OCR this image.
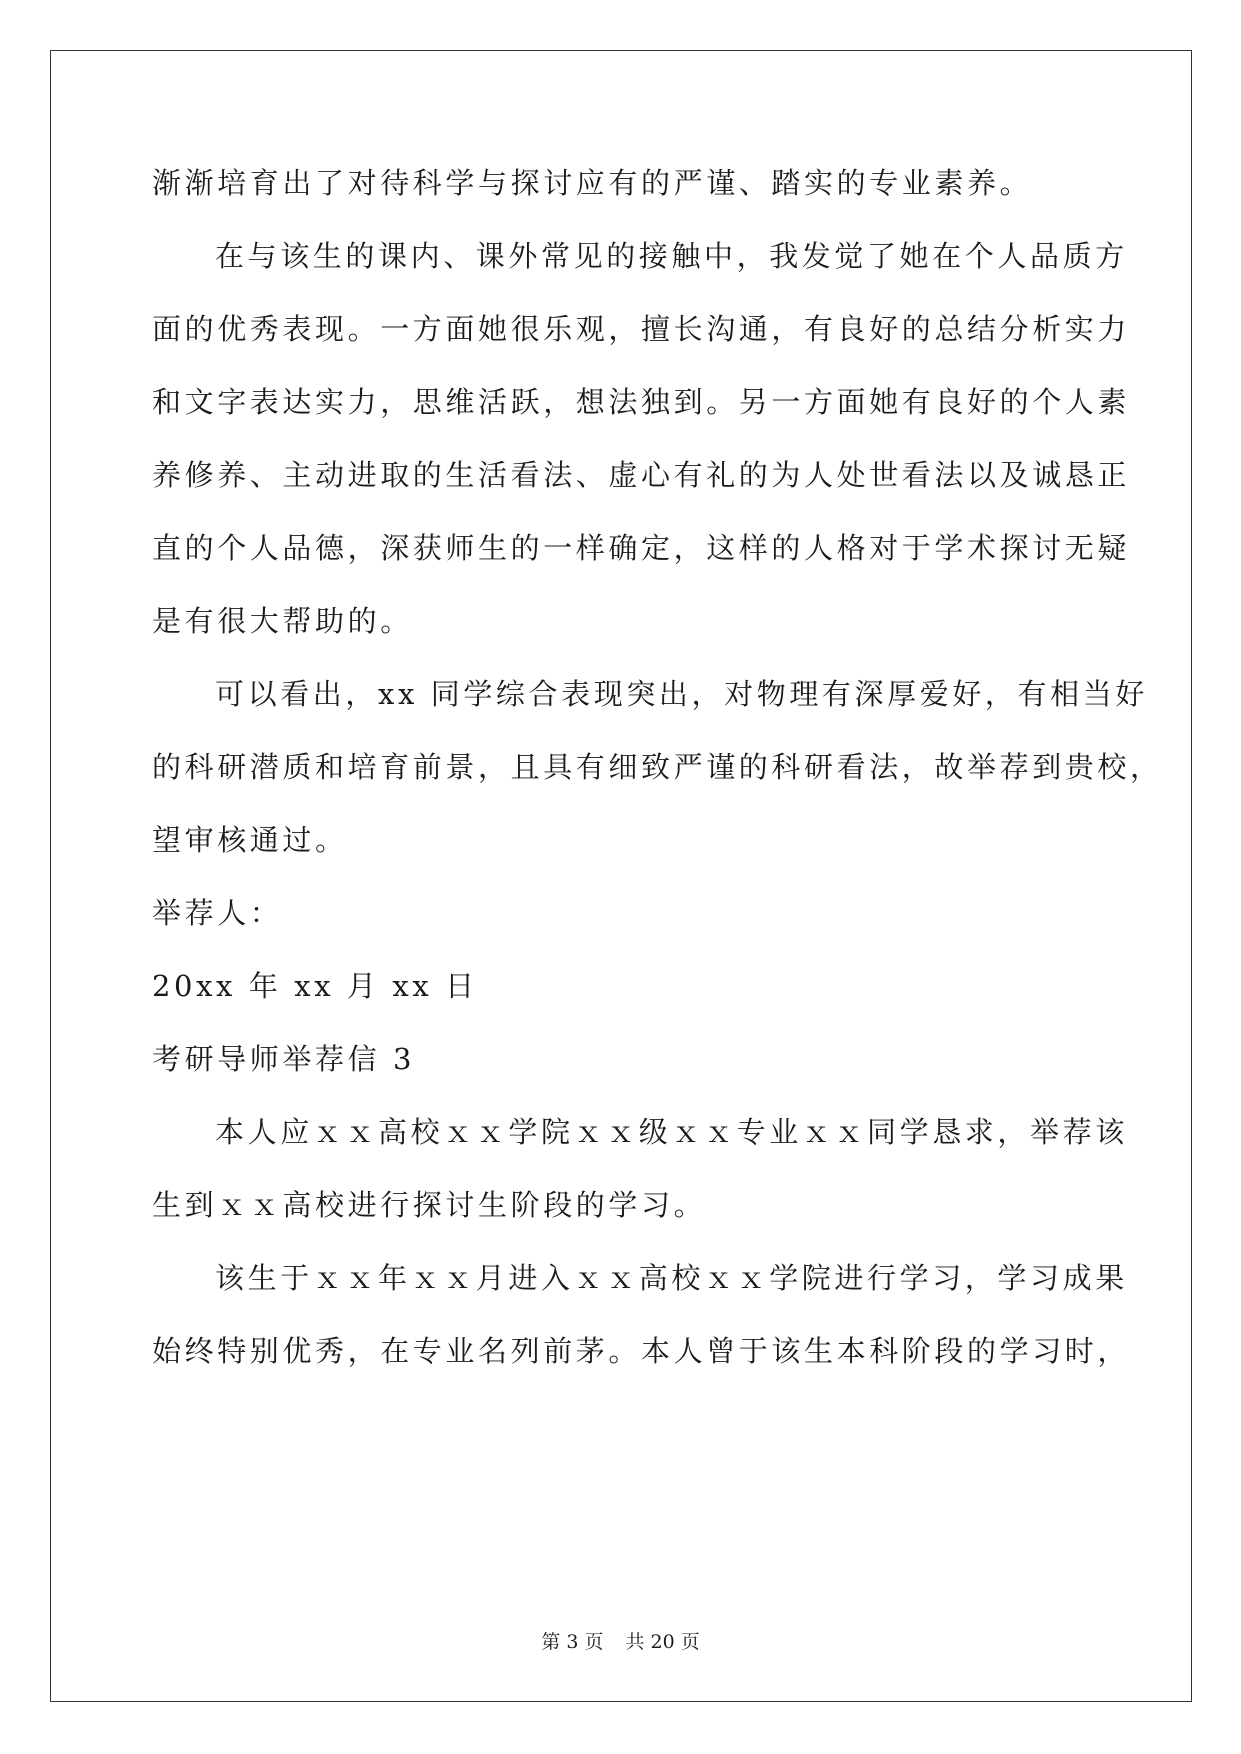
渐渐培育出了对待科学与探讨应有的严谨、踏实的专业素养。
在与该生的课内、课外常见的接触中，我发觉了她在个人品质方
面的优秀表现。一方面她很乐观，擅长沟通，有良好的总结分析实力
和文字表达实力，思维活跃，想法独到。另一方面她有良好的个人素
养修养、主动进取的生活看法、虚心有礼的为人处世看法以及诚恳正
直的个人品德，深获师生的一样确定，这样的人格对于学术探讨无疑
是有很大帮助的。
可以看出，xx 同学综合表现突出，对物理有深厚爱好，有相当好
的科研潜质和培育前景，且具有细致严谨的科研看法，故举荐到贵校，
望审核通过。
举荐人：
20xx 年 xx 月 xx 日
考研导师举荐信 3
本人应ｘｘ高校ｘｘ学院ｘｘ级ｘｘ专业ｘｘ同学恳求，举荐该
生到ｘｘ高校进行探讨生阶段的学习。
该生于ｘｘ年ｘｘ月进入ｘｘ高校ｘｘ学院进行学习，学习成果
始终特别优秀，在专业名列前茅。本人曾于该生本科阶段的学习时，
第 3 页 共 20 页
